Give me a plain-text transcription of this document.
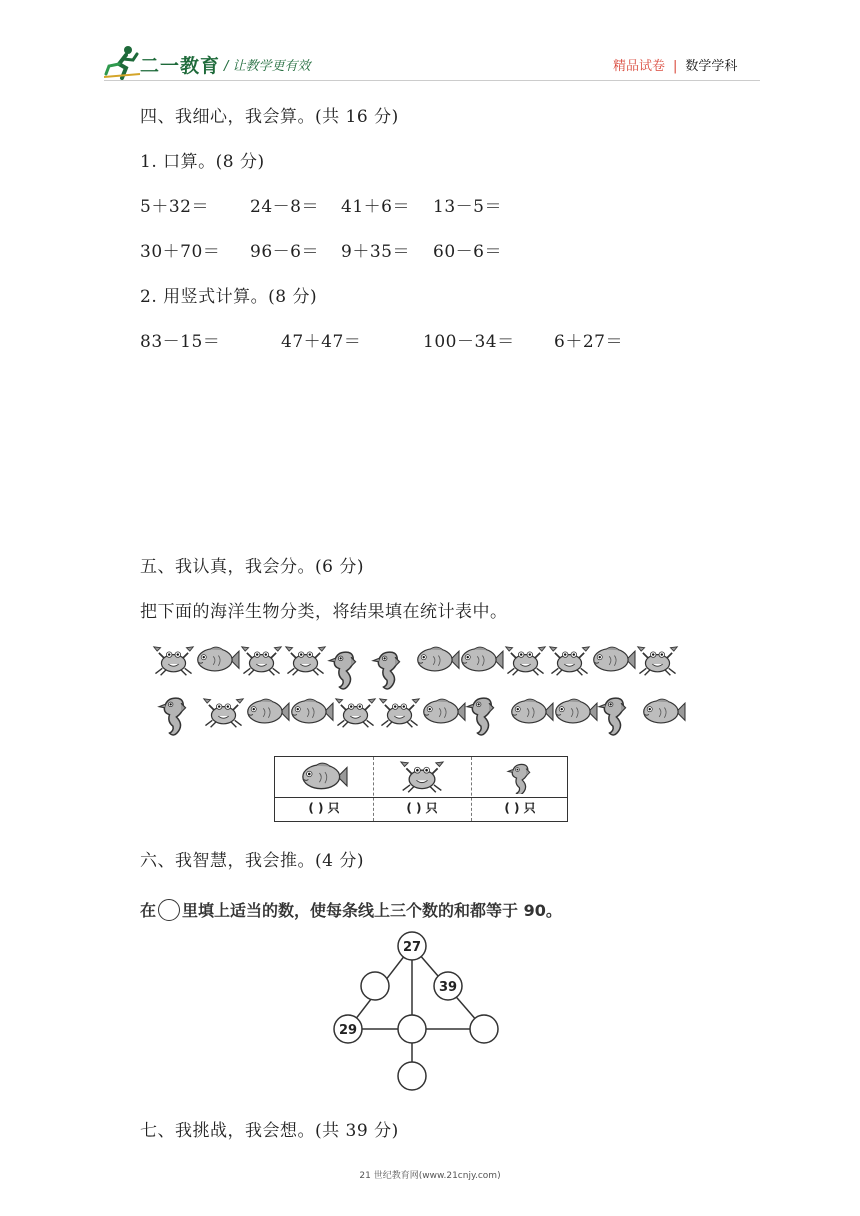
二一教育 / 让教学更有效	精品试卷 | 数学学科
四、我细心，我会算。(共 16 分)
1. 口算。(8 分)
5＋32＝ 24－8＝ 41＋6＝ 13－5＝
30＋70＝ 96－6＝ 9＋35＝ 60－6＝
2. 用竖式计算。(8 分)
83－15＝	47＋47＝	100－34＝ 6＋27＝
五、我认真，我会分。(6 分)
把下面的海洋生物分类，将结果填在统计表中。
( ) 只	( ) 只	( ) 只
六、我智慧，我会推。(4 分)
在 里填上适当的数，使每条线上三个数的和都等于 90。
27
39
29
七、我挑战，我会想。(共 39 分)
21 世纪教育网(www.21cnjy.com)
